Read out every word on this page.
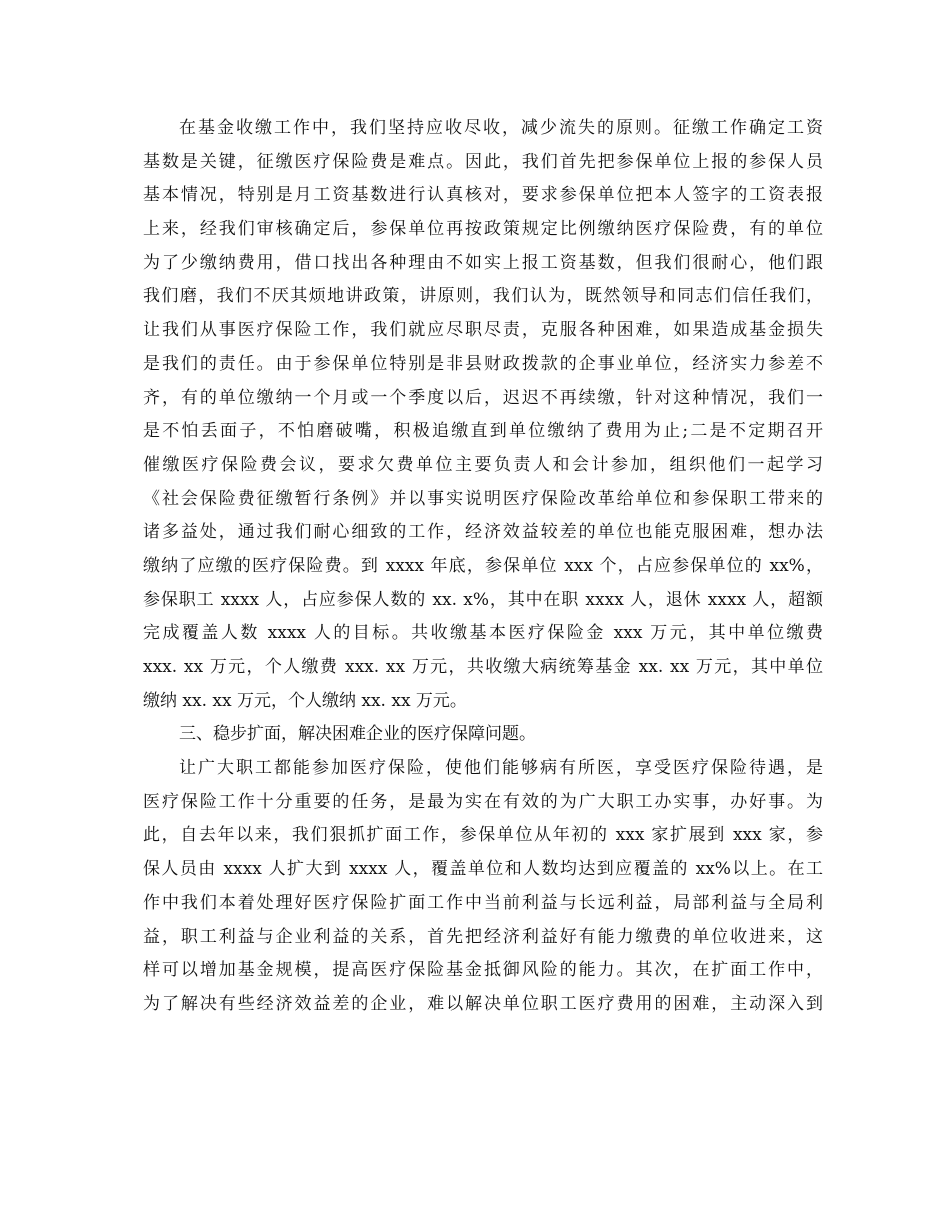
在基金收缴工作中，我们坚持应收尽收，减少流失的原则。征缴工作确定工资
基数是关键，征缴医疗保险费是难点。因此，我们首先把参保单位上报的参保人员
基本情况，特别是月工资基数进行认真核对，要求参保单位把本人签字的工资表报
上来，经我们审核确定后，参保单位再按政策规定比例缴纳医疗保险费，有的单位
为了少缴纳费用，借口找出各种理由不如实上报工资基数，但我们很耐心，他们跟
我们磨，我们不厌其烦地讲政策，讲原则，我们认为，既然领导和同志们信任我们，
让我们从事医疗保险工作，我们就应尽职尽责，克服各种困难，如果造成基金损失
是我们的责任。由于参保单位特别是非县财政拨款的企事业单位，经济实力参差不
齐，有的单位缴纳一个月或一个季度以后，迟迟不再续缴，针对这种情况，我们一
是不怕丢面子，不怕磨破嘴，积极追缴直到单位缴纳了费用为止;二是不定期召开
催缴医疗保险费会议，要求欠费单位主要负责人和会计参加，组织他们一起学习
《社会保险费征缴暂行条例》并以事实说明医疗保险改革给单位和参保职工带来的
诸多益处，通过我们耐心细致的工作，经济效益较差的单位也能克服困难，想办法
缴纳了应缴的医疗保险费。到 xxxx 年底，参保单位 xxx 个，占应参保单位的 xx%，
参保职工 xxxx 人，占应参保人数的 xx. x%，其中在职 xxxx 人，退休 xxxx 人，超额
完成覆盖人数 xxxx 人的目标。共收缴基本医疗保险金 xxx 万元，其中单位缴费
xxx. xx 万元，个人缴费 xxx. xx 万元，共收缴大病统筹基金 xx. xx 万元，其中单位
缴纳 xx. xx 万元，个人缴纳 xx. xx 万元。
三、稳步扩面，解决困难企业的医疗保障问题。
让广大职工都能参加医疗保险，使他们能够病有所医，享受医疗保险待遇，是
医疗保险工作十分重要的任务，是最为实在有效的为广大职工办实事，办好事。为
此，自去年以来，我们狠抓扩面工作，参保单位从年初的 xxx 家扩展到 xxx 家，参
保人员由 xxxx 人扩大到 xxxx 人，覆盖单位和人数均达到应覆盖的 xx%以上。在工
作中我们本着处理好医疗保险扩面工作中当前利益与长远利益，局部利益与全局利
益，职工利益与企业利益的关系，首先把经济利益好有能力缴费的单位收进来，这
样可以增加基金规模，提高医疗保险基金抵御风险的能力。其次，在扩面工作中，
为了解决有些经济效益差的企业，难以解决单位职工医疗费用的困难，主动深入到
